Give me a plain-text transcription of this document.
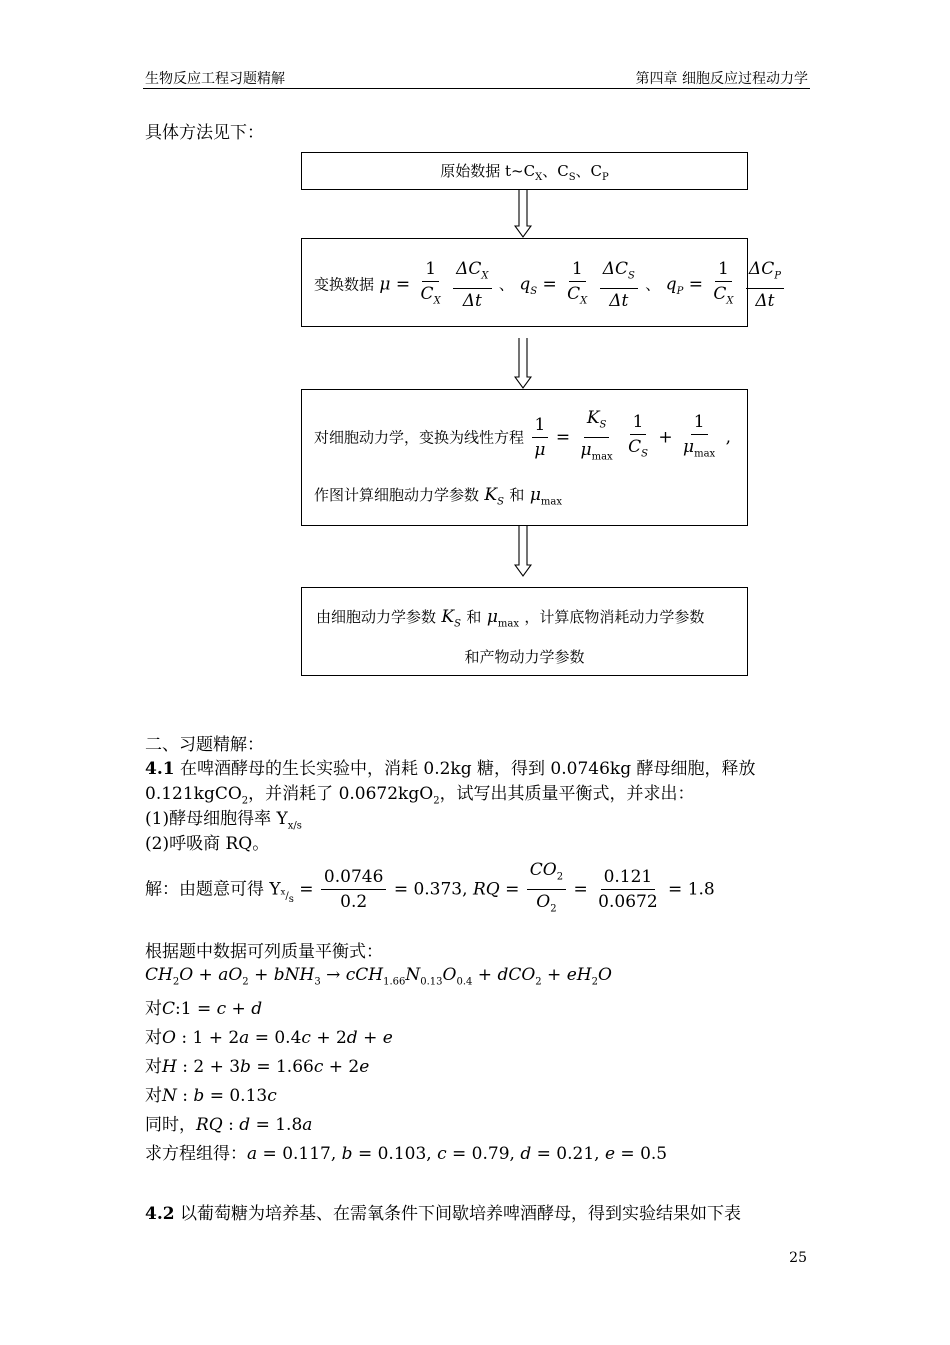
生物反应工程习题精解	第四章 细胞反应过程动力学
具体方法见下：
原始数据 $t\sim C_X$、$C_S$、$C_P$
变换数据 $\mu = \frac{1}{C_X}$
$\frac{\Delta C_X}{\Delta t}$ 、 $q_S = \frac{1}{C_X}$
$\frac{\Delta C_S}{\Delta t}$ 、 $q_P = \frac{1}{C_X}$
$\frac{\Delta C_P}{\Delta t}$
对细胞动力学，变换为线性方程 $\frac{1}{\mu} = \frac{K_S}{\mu_{max}}$
$\frac{1}{C_S} + \frac{1}{\mu_{max}}$ ,
作图计算细胞动力学参数 $K_S$ 和 $\mu_{max}$
由细胞动力学参数 $K_S$ 和 $\mu_{max}$ ，计算底物消耗动力学参数
和产物动力学参数
二、习题精解：
4.1 在啤酒酵母的生长实验中，消耗 0.2kg 糖，得到 0.0746kg 酵母细胞，释放
0.121kgCO$_2$，并消耗了 0.0672kgO$_2$，试写出其质量平衡式，并求出：
(1)酵母细胞得率 $Y_{x/s}$
(2)呼吸商 RQ。
解：由题意可得 $Y_{^x/_s} = \frac{0.0746}{0.2} = 0.373$, RQ = $\frac{CO_2}{O_2} = \frac{0.121}{0.0672} = 1.8$
根据题中数据可列质量平衡式：
$CH_2O + aO_2 + bNH_3 \to cCH_{1.66}N_{0.13}O_{0.4} + dCO_2 + eH_2O$
对C:1 = c + d
对O : 1 + 2a = 0.4c + 2d + e
对H : 2 + 3b = 1.66c + 2e
对N : b = 0.13c
同时，RQ : d = 1.8a
求方程组得：a = 0.117, b = 0.103, c = 0.79, d = 0.21, e = 0.5
4.2 以葡萄糖为培养基、在需氧条件下间歇培养啤酒酵母，得到实验结果如下表
25
